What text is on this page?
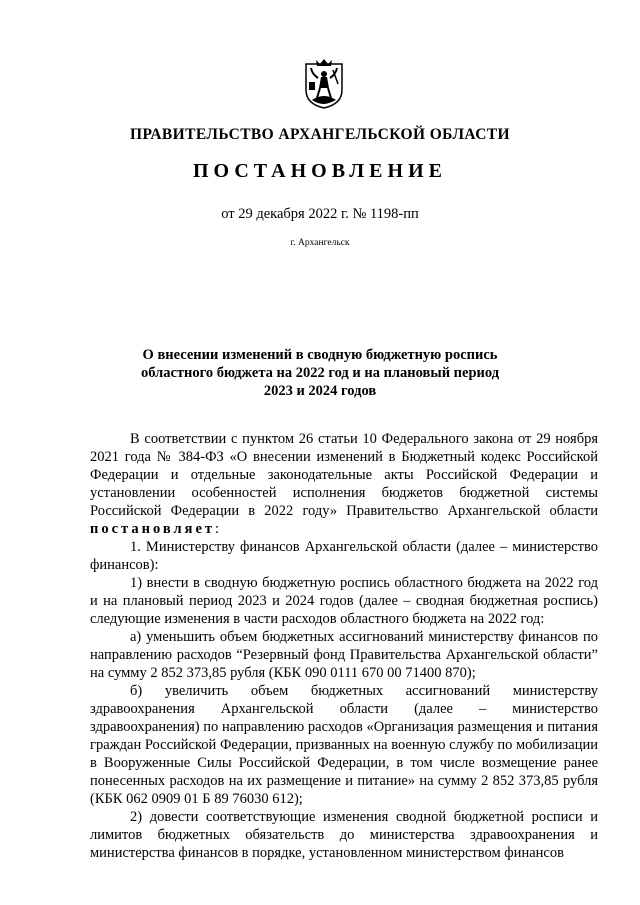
ПРАВИТЕЛЬСТВО АРХАНГЕЛЬСКОЙ ОБЛАСТИ
ПОСТАНОВЛЕНИЕ
от 29 декабря 2022 г. № 1198-пп
г. Архангельск
О внесении изменений в сводную бюджетную роспись
областного бюджета на 2022 год и на плановый период
2023 и 2024 годов

В соответствии с пунктом 26 статьи 10 Федерального закона от 29 ноября 2021 года № 384-ФЗ «О внесении изменений в Бюджетный кодекс Российской Федерации и отдельные законодательные акты Российской Федерации и установлении особенностей исполнения бюджетов бюджетной системы Российской Федерации в 2022 году» Правительство Архангельской области постановляет:

1. Министерству финансов Архангельской области (далее – министерство финансов):

1) внести в сводную бюджетную роспись областного бюджета на 2022 год и на плановый период 2023 и 2024 годов (далее – сводная бюджетная роспись) следующие изменения в части расходов областного бюджета на 2022 год:

а) уменьшить объем бюджетных ассигнований министерству финансов по направлению расходов “Резервный фонд Правительства Архангельской области” на сумму 2 852 373,85 рубля (КБК 090 0111 670 00 71400 870);

б) увеличить объем бюджетных ассигнований министерству здравоохранения Архангельской области (далее – министерство здравоохранения) по направлению расходов «Организация размещения и питания граждан Российской Федерации, призванных на военную службу по мобилизации в Вооруженные Силы Российской Федерации, в том числе возмещение ранее понесенных расходов на их размещение и питание» на сумму 2 852 373,85 рубля (КБК 062 0909 01 Б 89 76030 612);

2) довести соответствующие изменения сводной бюджетной росписи и лимитов бюджетных обязательств до министерства здравоохранения и министерства финансов в порядке, установленном министерством финансов
